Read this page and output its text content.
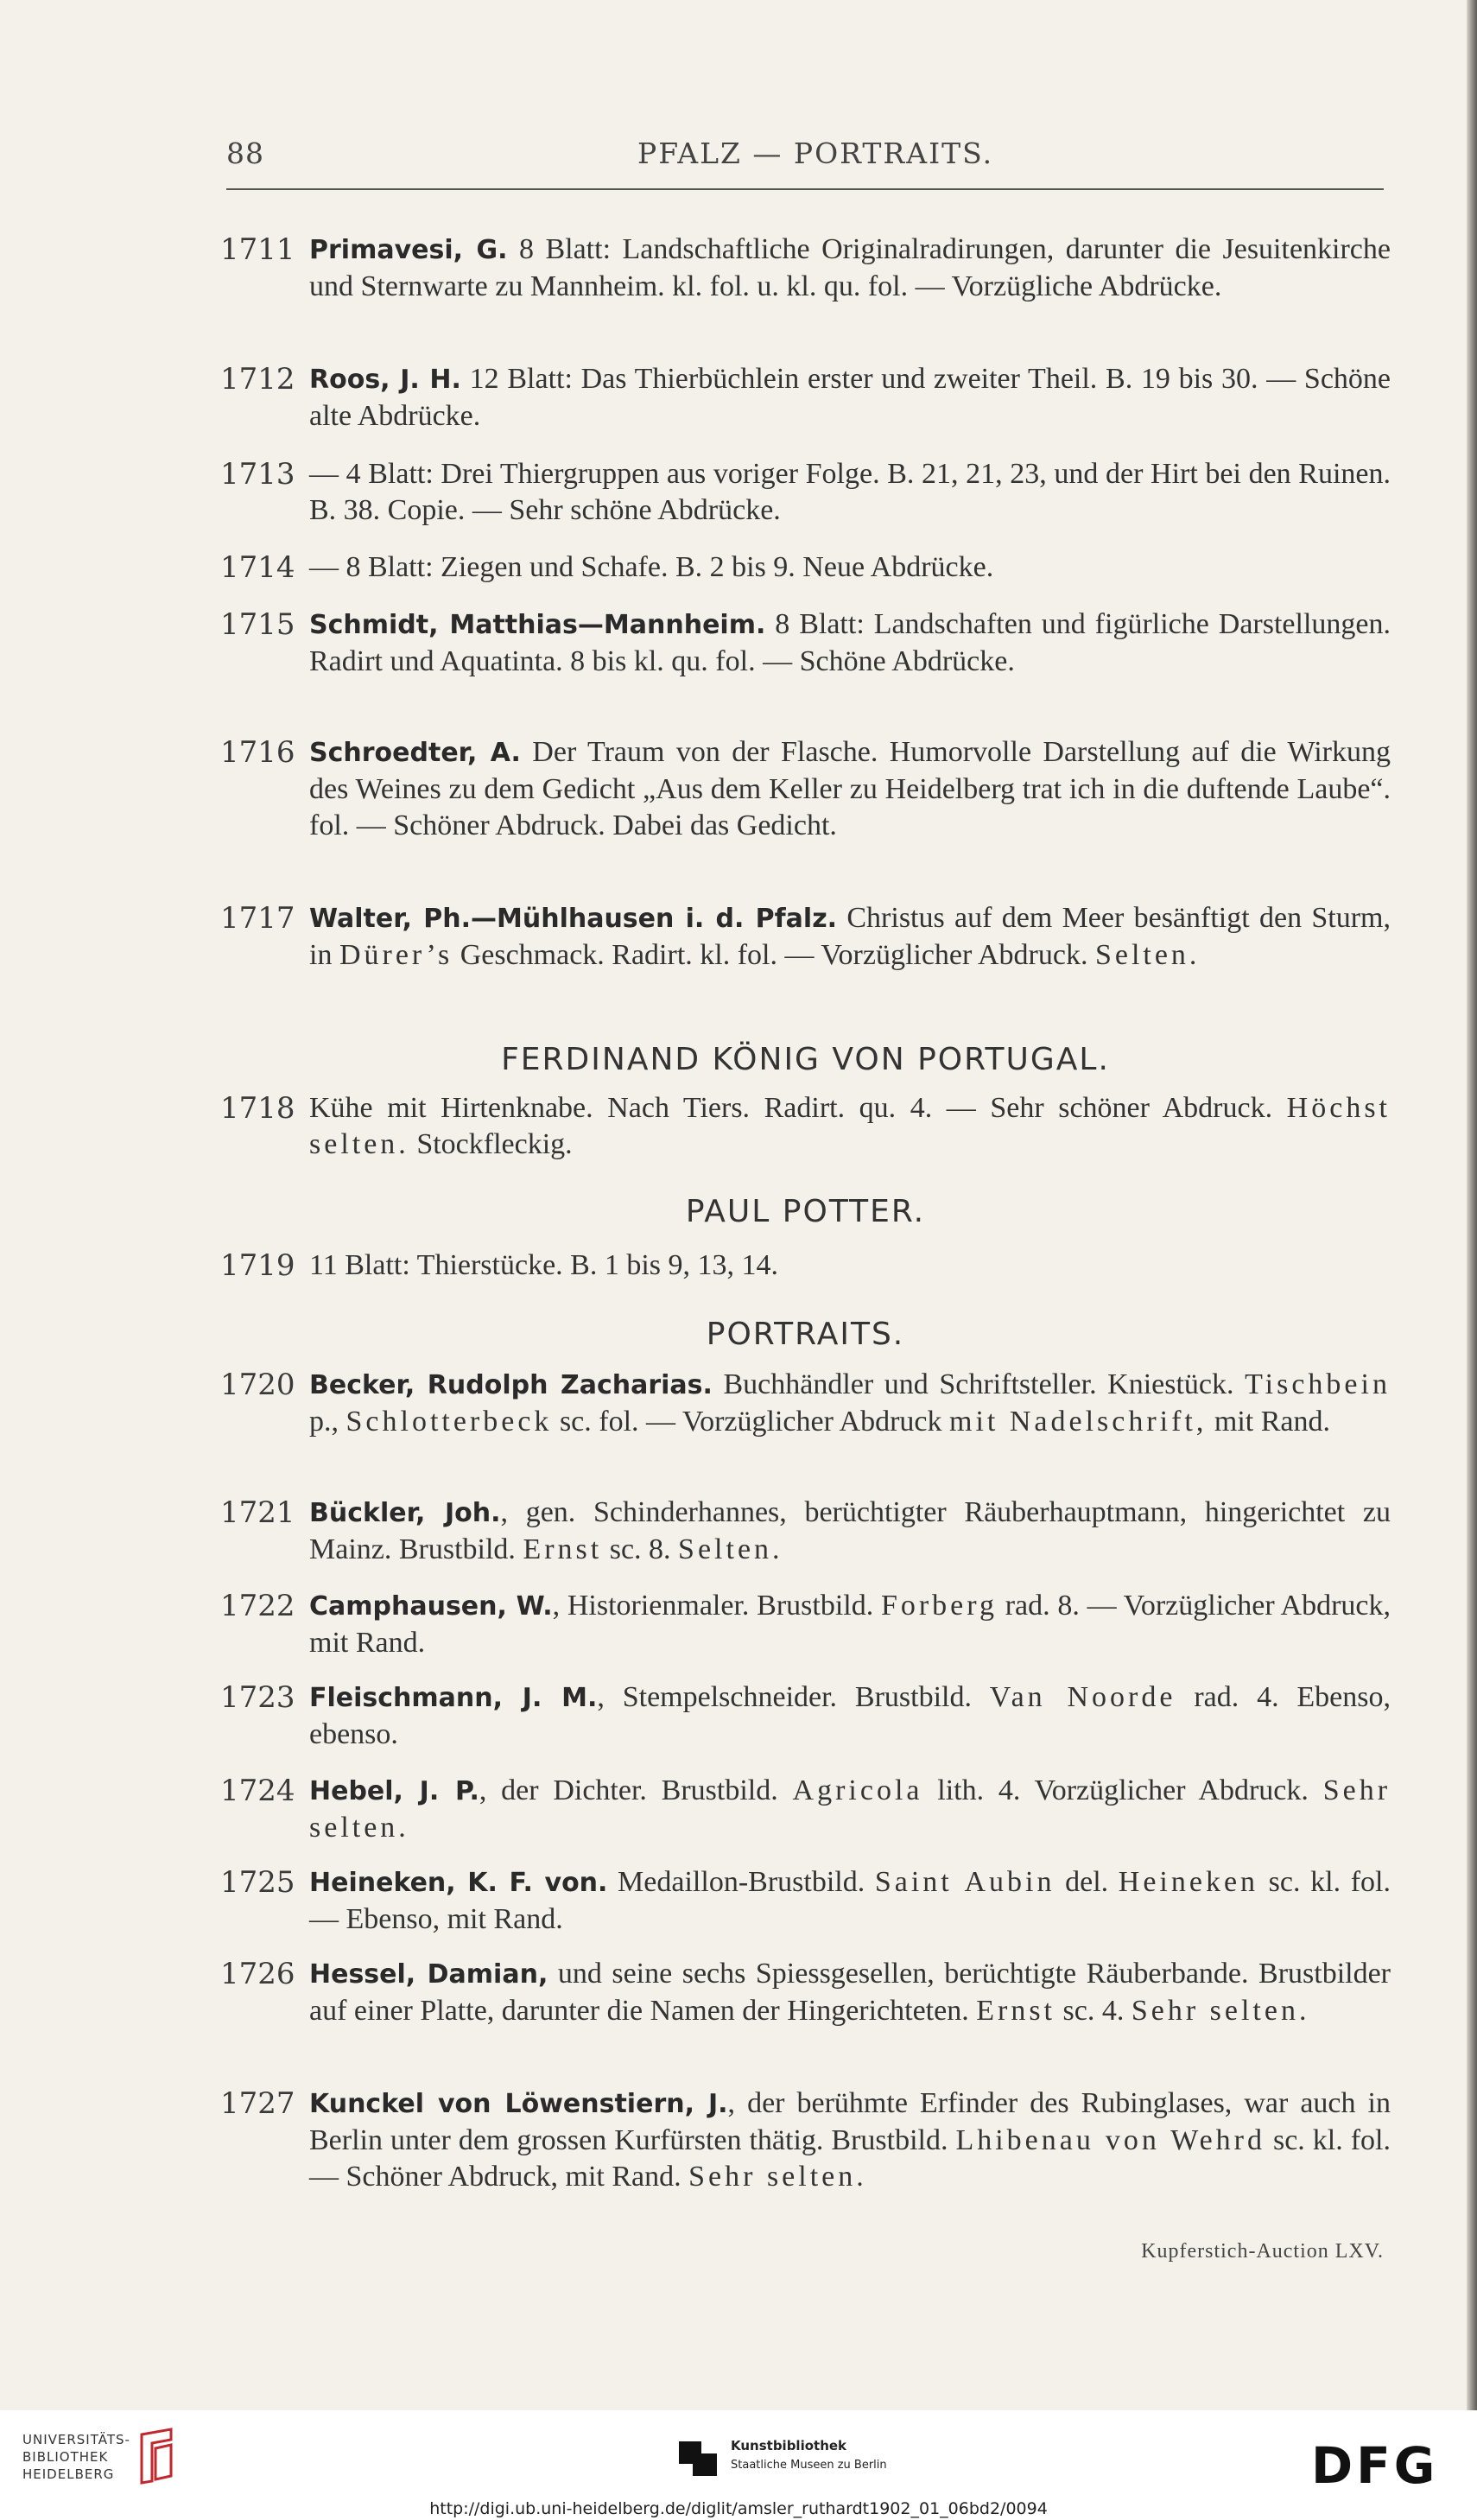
88	PFALZ — PORTRAITS.
1711 Primavesi, G. 8 Blatt: Landschaftliche Originalradirungen, darunter die Jesuitenkirche und Sternwarte zu Mannheim. kl. fol. u. kl. qu. fol. — Vorzügliche Abdrücke.
1712 Roos, J. H. 12 Blatt: Das Thierbüchlein erster und zweiter Theil. B. 19 bis 30. — Schöne alte Abdrücke.
1713 — 4 Blatt: Drei Thiergruppen aus voriger Folge. B. 21, 21, 23, und der Hirt bei den Ruinen. B. 38. Copie. — Sehr schöne Abdrücke.
1714 — 8 Blatt: Ziegen und Schafe. B. 2 bis 9. Neue Abdrücke.
1715 Schmidt, Matthias—Mannheim. 8 Blatt: Landschaften und figürliche Darstellungen. Radirt und Aquatinta. 8 bis kl. qu. fol. — Schöne Abdrücke.
1716 Schroedter, A. Der Traum von der Flasche. Humorvolle Darstellung auf die Wirkung des Weines zu dem Gedicht „Aus dem Keller zu Heidelberg trat ich in die duftende Laube“. fol. — Schöner Abdruck. Dabei das Gedicht.
1717 Walter, Ph.—Mühlhausen i. d. Pfalz. Christus auf dem Meer besänftigt den Sturm, in Dürer’s Geschmack. Radirt. kl. fol. — Vorzüglicher Abdruck. Selten.
FERDINAND KÖNIG VON PORTUGAL.
1718 Kühe mit Hirtenknabe. Nach Tiers. Radirt. qu. 4. — Sehr schöner Abdruck. Höchst selten. Stockfleckig.
PAUL POTTER.
1719 11 Blatt: Thierstücke. B. 1 bis 9, 13, 14.
PORTRAITS.
1720 Becker, Rudolph Zacharias. Buchhändler und Schriftsteller. Kniestück. Tischbein p., Schlotterbeck sc. fol. — Vorzüglicher Abdruck mit Nadelschrift, mit Rand.
1721 Bückler, Joh., gen. Schinderhannes, berüchtigter Räuberhauptmann, hingerichtet zu Mainz. Brustbild. Ernst sc. 8. Selten.
1722 Camphausen, W., Historienmaler. Brustbild. Forberg rad. 8. — Vorzüglicher Abdruck, mit Rand.
1723 Fleischmann, J. M., Stempelschneider. Brustbild. Van Noorde rad. 4. Ebenso, ebenso.
1724 Hebel, J. P., der Dichter. Brustbild. Agricola lith. 4. Vorzüglicher Abdruck. Sehr selten.
1725 Heineken, K. F. von. Medaillon-Brustbild. Saint Aubin del. Heineken sc. kl. fol. — Ebenso, mit Rand.
1726 Hessel, Damian, und seine sechs Spiessgesellen, berüchtigte Räuberbande. Brustbilder auf einer Platte, darunter die Namen der Hingerichteten. Ernst sc. 4. Sehr selten.
1727 Kunckel von Löwenstiern, J., der berühmte Erfinder des Rubinglases, war auch in Berlin unter dem grossen Kurfürsten thätig. Brustbild. Lhibenau von Wehrd sc. kl. fol. — Schöner Abdruck, mit Rand. Sehr selten.
Kupferstich-Auction LXV.
UNIVERSITÄTS-
BIBLIOTHEK
HEIDELBERG
Kunstbibliothek
Staatliche Museen zu Berlin	DFG
http://digi.ub.uni-heidelberg.de/diglit/amsler_ruthardt1902_01_06bd2/0094
